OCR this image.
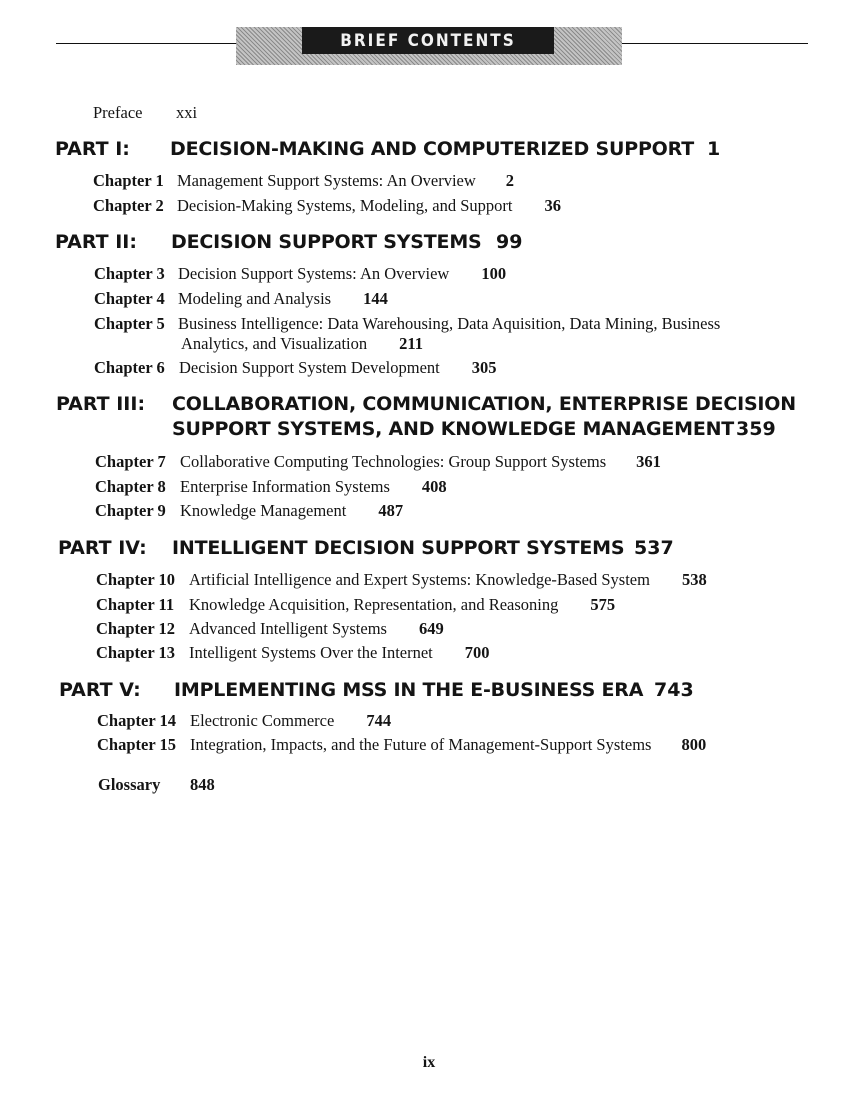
BRIEF CONTENTS
Preface xxi
PART I: DECISION-MAKING AND COMPUTERIZED SUPPORT 1
Chapter 1 Management Support Systems: An Overview 2
Chapter 2 Decision-Making Systems, Modeling, and Support 36
PART II: DECISION SUPPORT SYSTEMS 99
Chapter 3 Decision Support Systems: An Overview 100
Chapter 4 Modeling and Analysis 144
Chapter 5 Business Intelligence: Data Warehousing, Data Aquisition, Data Mining, Business
Analytics, and Visualization 211
Chapter 6 Decision Support System Development 305
PART III: COLLABORATION, COMMUNICATION, ENTERPRISE DECISION
SUPPORT SYSTEMS, AND KNOWLEDGE MANAGEMENT 359
Chapter 7 Collaborative Computing Technologies: Group Support Systems 361
Chapter 8 Enterprise Information Systems 408
Chapter 9 Knowledge Management 487
PART IV: INTELLIGENT DECISION SUPPORT SYSTEMS 537
Chapter 10 Artificial Intelligence and Expert Systems: Knowledge-Based System 538
Chapter 11 Knowledge Acquisition, Representation, and Reasoning 575
Chapter 12 Advanced Intelligent Systems 649
Chapter 13 Intelligent Systems Over the Internet 700
PART V: IMPLEMENTING MSS IN THE E-BUSINESS ERA 743
Chapter 14 Electronic Commerce 744
Chapter 15 Integration, Impacts, and the Future of Management-Support Systems 800
Glossary 848
ix
